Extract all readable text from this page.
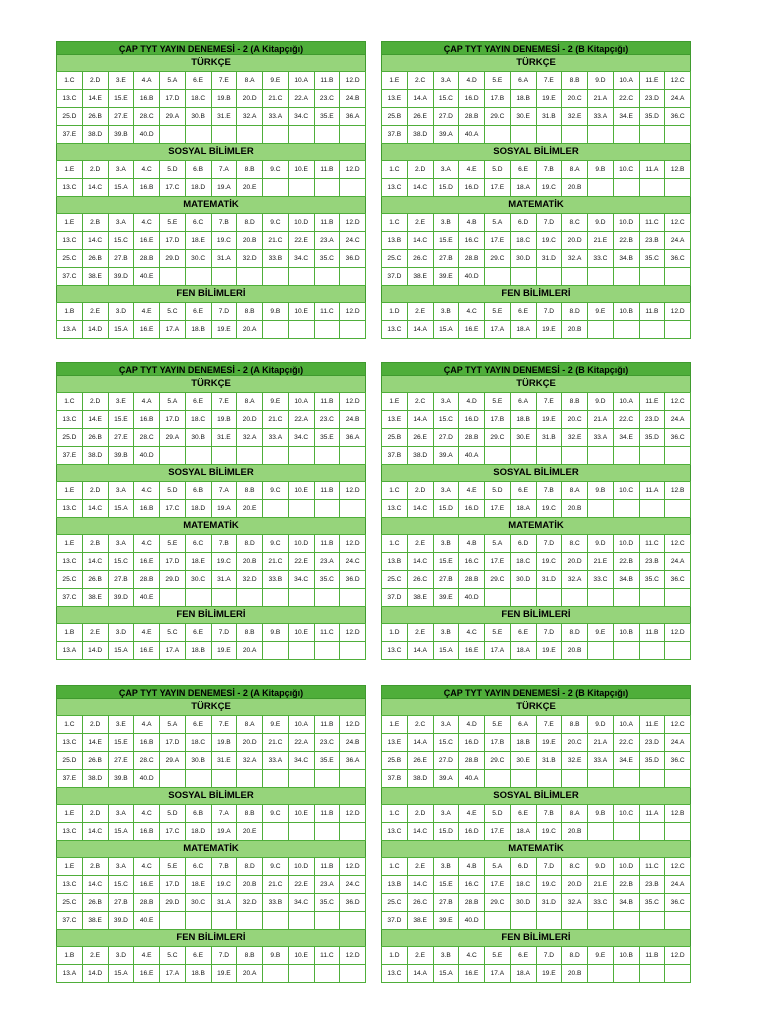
ÇAP TYT YAYIN DENEMESİ - 2 (A Kitapçığı)
TÜRKÇE
1.C	2.D	3.E	4.A	5.A	6.E	7.E	8.A	9.E	10.A	11.B	12.D
13.C	14.E	15.E	16.B	17.D	18.C	19.B	20.D	21.C	22.A	23.C	24.B
25.D	26.B	27.E	28.C	29.A	30.B	31.E	32.A	33.A	34.C	35.E	36.A
37.E	38.D	39.B	40.D								
SOSYAL BİLİMLER
1.E	2.D	3.A	4.C	5.D	6.B	7.A	8.B	9.C	10.E	11.B	12.D
13.C	14.C	15.A	16.B	17.C	18.D	19.A	20.E				
MATEMATİK
1.E	2.B	3.A	4.C	5.E	6.C	7.B	8.D	9.C	10.D	11.B	12.D
13.C	14.C	15.C	16.E	17.D	18.E	19.C	20.B	21.C	22.E	23.A	24.C
25.C	26.B	27.B	28.B	29.D	30.C	31.A	32.D	33.B	34.C	35.C	36.D
37.C	38.E	39.D	40.E								
FEN BİLİMLERİ
1.B	2.E	3.D	4.E	5.C	6.E	7.D	8.B	9.B	10.E	11.C	12.D
13.A	14.D	15.A	16.E	17.A	18.B	19.E	20.A				
ÇAP TYT YAYIN DENEMESİ - 2 (B Kitapçığı)
TÜRKÇE
1.E	2.C	3.A	4.D	5.E	6.A	7.E	8.B	9.D	10.A	11.E	12.C
13.E	14.A	15.C	16.D	17.B	18.B	19.E	20.C	21.A	22.C	23.D	24.A
25.B	26.E	27.D	28.B	29.C	30.E	31.B	32.E	33.A	34.E	35.D	36.C
37.B	38.D	39.A	40.A								
SOSYAL BİLİMLER
1.C	2.D	3.A	4.E	5.D	6.E	7.B	8.A	9.B	10.C	11.A	12.B
13.C	14.C	15.D	16.D	17.E	18.A	19.C	20.B				
MATEMATİK
1.C	2.E	3.B	4.B	5.A	6.D	7.D	8.C	9.D	10.D	11.C	12.C
13.B	14.C	15.E	16.C	17.E	18.C	19.C	20.D	21.E	22.B	23.B	24.A
25.C	26.C	27.B	28.B	29.C	30.D	31.D	32.A	33.C	34.B	35.C	36.C
37.D	38.E	39.E	40.D								
FEN BİLİMLERİ
1.D	2.E	3.B	4.C	5.E	6.E	7.D	8.D	9.E	10.B	11.B	12.D
13.C	14.A	15.A	16.E	17.A	18.A	19.E	20.B				
ÇAP TYT YAYIN DENEMESİ - 2 (A Kitapçığı)
TÜRKÇE
1.C	2.D	3.E	4.A	5.A	6.E	7.E	8.A	9.E	10.A	11.B	12.D
13.C	14.E	15.E	16.B	17.D	18.C	19.B	20.D	21.C	22.A	23.C	24.B
25.D	26.B	27.E	28.C	29.A	30.B	31.E	32.A	33.A	34.C	35.E	36.A
37.E	38.D	39.B	40.D								
SOSYAL BİLİMLER
1.E	2.D	3.A	4.C	5.D	6.B	7.A	8.B	9.C	10.E	11.B	12.D
13.C	14.C	15.A	16.B	17.C	18.D	19.A	20.E				
MATEMATİK
1.E	2.B	3.A	4.C	5.E	6.C	7.B	8.D	9.C	10.D	11.B	12.D
13.C	14.C	15.C	16.E	17.D	18.E	19.C	20.B	21.C	22.E	23.A	24.C
25.C	26.B	27.B	28.B	29.D	30.C	31.A	32.D	33.B	34.C	35.C	36.D
37.C	38.E	39.D	40.E								
FEN BİLİMLERİ
1.B	2.E	3.D	4.E	5.C	6.E	7.D	8.B	9.B	10.E	11.C	12.D
13.A	14.D	15.A	16.E	17.A	18.B	19.E	20.A				
ÇAP TYT YAYIN DENEMESİ - 2 (B Kitapçığı)
TÜRKÇE
1.E	2.C	3.A	4.D	5.E	6.A	7.E	8.B	9.D	10.A	11.E	12.C
13.E	14.A	15.C	16.D	17.B	18.B	19.E	20.C	21.A	22.C	23.D	24.A
25.B	26.E	27.D	28.B	29.C	30.E	31.B	32.E	33.A	34.E	35.D	36.C
37.B	38.D	39.A	40.A								
SOSYAL BİLİMLER
1.C	2.D	3.A	4.E	5.D	6.E	7.B	8.A	9.B	10.C	11.A	12.B
13.C	14.C	15.D	16.D	17.E	18.A	19.C	20.B				
MATEMATİK
1.C	2.E	3.B	4.B	5.A	6.D	7.D	8.C	9.D	10.D	11.C	12.C
13.B	14.C	15.E	16.C	17.E	18.C	19.C	20.D	21.E	22.B	23.B	24.A
25.C	26.C	27.B	28.B	29.C	30.D	31.D	32.A	33.C	34.B	35.C	36.C
37.D	38.E	39.E	40.D								
FEN BİLİMLERİ
1.D	2.E	3.B	4.C	5.E	6.E	7.D	8.D	9.E	10.B	11.B	12.D
13.C	14.A	15.A	16.E	17.A	18.A	19.E	20.B				
ÇAP TYT YAYIN DENEMESİ - 2 (A Kitapçığı)
TÜRKÇE
1.C	2.D	3.E	4.A	5.A	6.E	7.E	8.A	9.E	10.A	11.B	12.D
13.C	14.E	15.E	16.B	17.D	18.C	19.B	20.D	21.C	22.A	23.C	24.B
25.D	26.B	27.E	28.C	29.A	30.B	31.E	32.A	33.A	34.C	35.E	36.A
37.E	38.D	39.B	40.D								
SOSYAL BİLİMLER
1.E	2.D	3.A	4.C	5.D	6.B	7.A	8.B	9.C	10.E	11.B	12.D
13.C	14.C	15.A	16.B	17.C	18.D	19.A	20.E				
MATEMATİK
1.E	2.B	3.A	4.C	5.E	6.C	7.B	8.D	9.C	10.D	11.B	12.D
13.C	14.C	15.C	16.E	17.D	18.E	19.C	20.B	21.C	22.E	23.A	24.C
25.C	26.B	27.B	28.B	29.D	30.C	31.A	32.D	33.B	34.C	35.C	36.D
37.C	38.E	39.D	40.E								
FEN BİLİMLERİ
1.B	2.E	3.D	4.E	5.C	6.E	7.D	8.B	9.B	10.E	11.C	12.D
13.A	14.D	15.A	16.E	17.A	18.B	19.E	20.A				
ÇAP TYT YAYIN DENEMESİ - 2 (B Kitapçığı)
TÜRKÇE
1.E	2.C	3.A	4.D	5.E	6.A	7.E	8.B	9.D	10.A	11.E	12.C
13.E	14.A	15.C	16.D	17.B	18.B	19.E	20.C	21.A	22.C	23.D	24.A
25.B	26.E	27.D	28.B	29.C	30.E	31.B	32.E	33.A	34.E	35.D	36.C
37.B	38.D	39.A	40.A								
SOSYAL BİLİMLER
1.C	2.D	3.A	4.E	5.D	6.E	7.B	8.A	9.B	10.C	11.A	12.B
13.C	14.C	15.D	16.D	17.E	18.A	19.C	20.B				
MATEMATİK
1.C	2.E	3.B	4.B	5.A	6.D	7.D	8.C	9.D	10.D	11.C	12.C
13.B	14.C	15.E	16.C	17.E	18.C	19.C	20.D	21.E	22.B	23.B	24.A
25.C	26.C	27.B	28.B	29.C	30.D	31.D	32.A	33.C	34.B	35.C	36.C
37.D	38.E	39.E	40.D								
FEN BİLİMLERİ
1.D	2.E	3.B	4.C	5.E	6.E	7.D	8.D	9.E	10.B	11.B	12.D
13.C	14.A	15.A	16.E	17.A	18.A	19.E	20.B				
